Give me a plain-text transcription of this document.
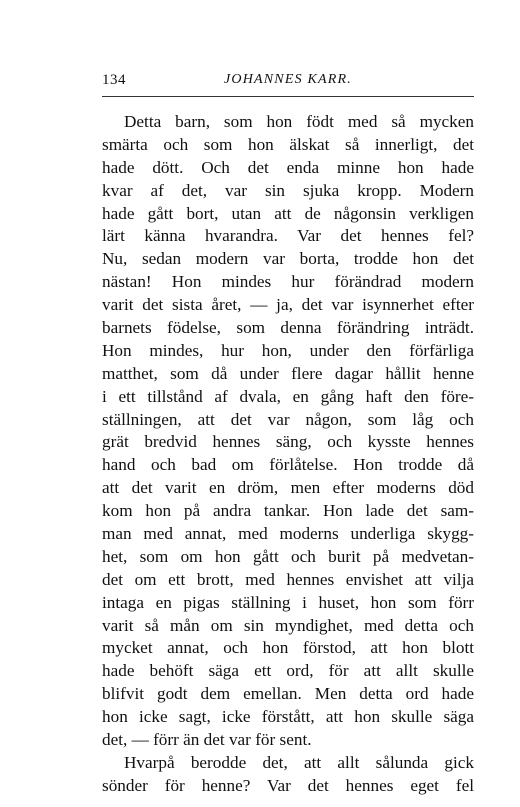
134	JOHANNES KARR.
Detta barn, som hon födt med så mycken
smärta och som hon älskat så innerligt, det
hade dött. Och det enda minne hon hade
kvar af det, var sin sjuka kropp. Modern
hade gått bort, utan att de någonsin verkligen
lärt känna hvarandra. Var det hennes fel?
Nu, sedan modern var borta, trodde hon det
nästan! Hon mindes hur förändrad modern
varit det sista året, — ja, det var isynnerhet efter
barnets födelse, som denna förändring inträdt.
Hon mindes, hur hon, under den förfärliga
matthet, som då under flere dagar hållit henne
i ett tillstånd af dvala, en gång haft den före-
ställningen, att det var någon, som låg och
grät bredvid hennes säng, och kysste hennes
hand och bad om förlåtelse. Hon trodde då
att det varit en dröm, men efter moderns död
kom hon på andra tankar. Hon lade det sam-
man med annat, med moderns underliga skygg-
het, som om hon gått och burit på medvetan-
det om ett brott, med hennes envishet att vilja
intaga en pigas ställning i huset, hon som förr
varit så mån om sin myndighet, med detta och
mycket annat, och hon förstod, att hon blott
hade behöft säga ett ord, för att allt skulle
blifvit godt dem emellan. Men detta ord hade
hon icke sagt, icke förstått, att hon skulle säga
det, — förr än det var för sent.
Hvarpå berodde det, att allt sålunda gick
sönder för henne? Var det hennes eget fel
